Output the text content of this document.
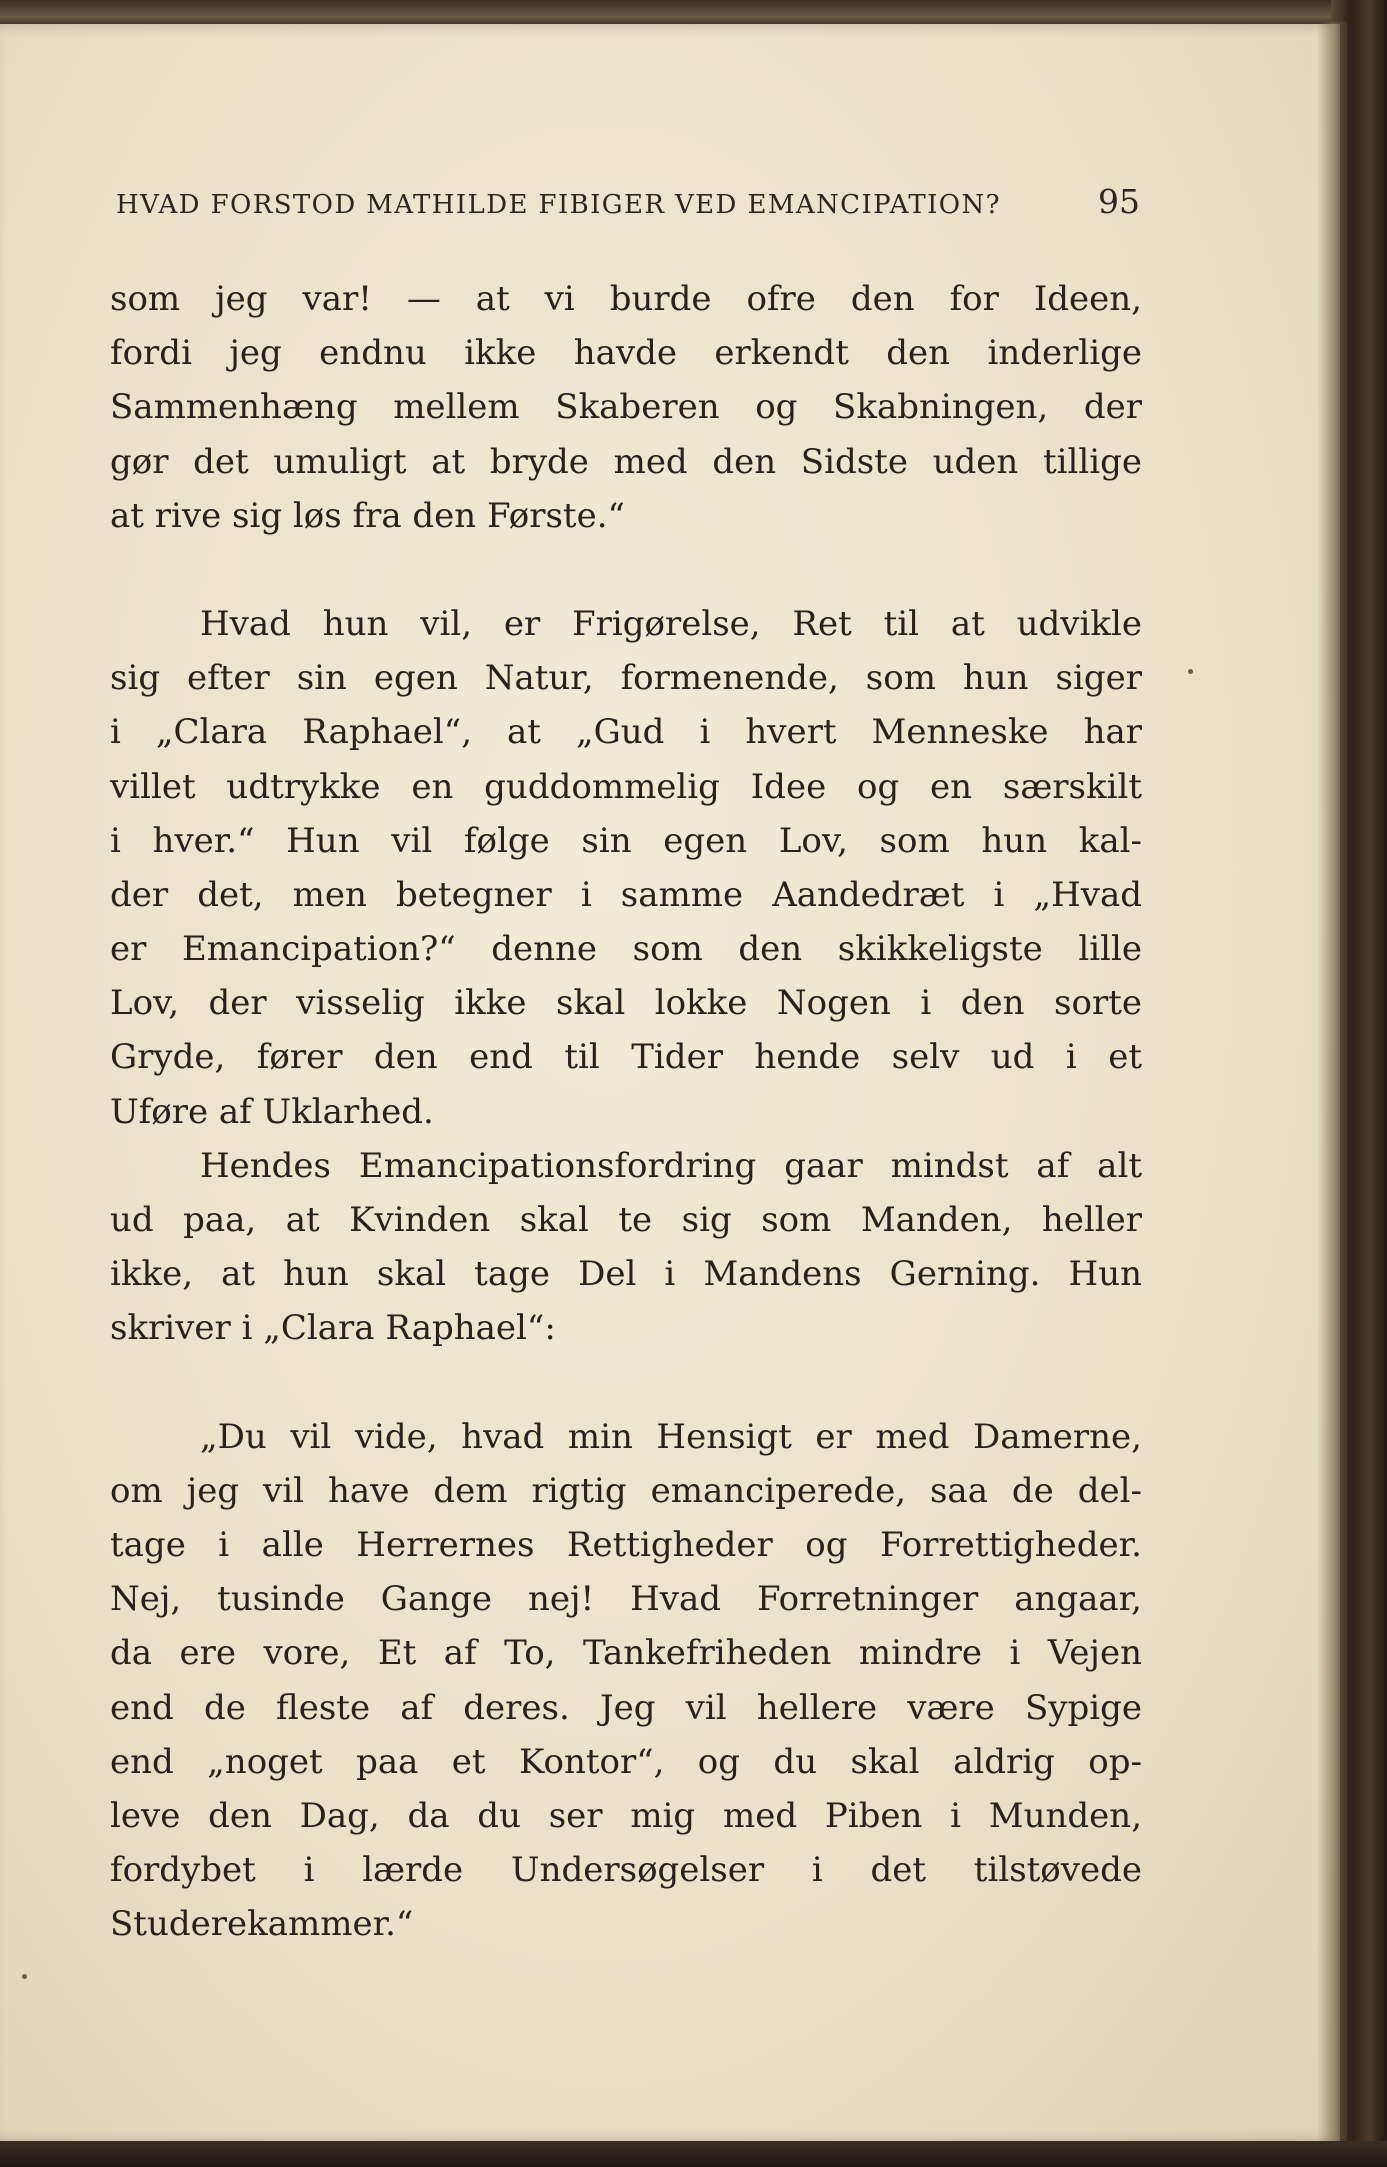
HVAD FORSTOD MATHILDE FIBIGER VED EMANCIPATION?	95
som jeg var! — at vi burde ofre den for Ideen,
fordi jeg endnu ikke havde erkendt den inderlige
Sammenhæng mellem Skaberen og Skabningen, der
gør det umuligt at bryde med den Sidste uden tillige
at rive sig løs fra den Første.“
Hvad hun vil, er Frigørelse, Ret til at udvikle
sig efter sin egen Natur, formenende, som hun siger
i „Clara Raphael“, at „Gud i hvert Menneske har
villet udtrykke en guddommelig Idee og en særskilt
i hver.“ Hun vil følge sin egen Lov, som hun kal-
der det, men betegner i samme Aandedræt i „Hvad
er Emancipation?“ denne som den skikkeligste lille
Lov, der visselig ikke skal lokke Nogen i den sorte
Gryde, fører den end til Tider hende selv ud i et
Uføre af Uklarhed.
Hendes Emancipationsfordring gaar mindst af alt
ud paa, at Kvinden skal te sig som Manden, heller
ikke, at hun skal tage Del i Mandens Gerning. Hun
skriver i „Clara Raphael“:
„Du vil vide, hvad min Hensigt er med Damerne,
om jeg vil have dem rigtig emanciperede, saa de del-
tage i alle Herrernes Rettigheder og Forrettigheder.
Nej, tusinde Gange nej! Hvad Forretninger angaar,
da ere vore, Et af To, Tankefriheden mindre i Vejen
end de fleste af deres. Jeg vil hellere være Sypige
end „noget paa et Kontor“, og du skal aldrig op-
leve den Dag, da du ser mig med Piben i Munden,
fordybet i lærde Undersøgelser i det tilstøvede
Studerekammer.“
